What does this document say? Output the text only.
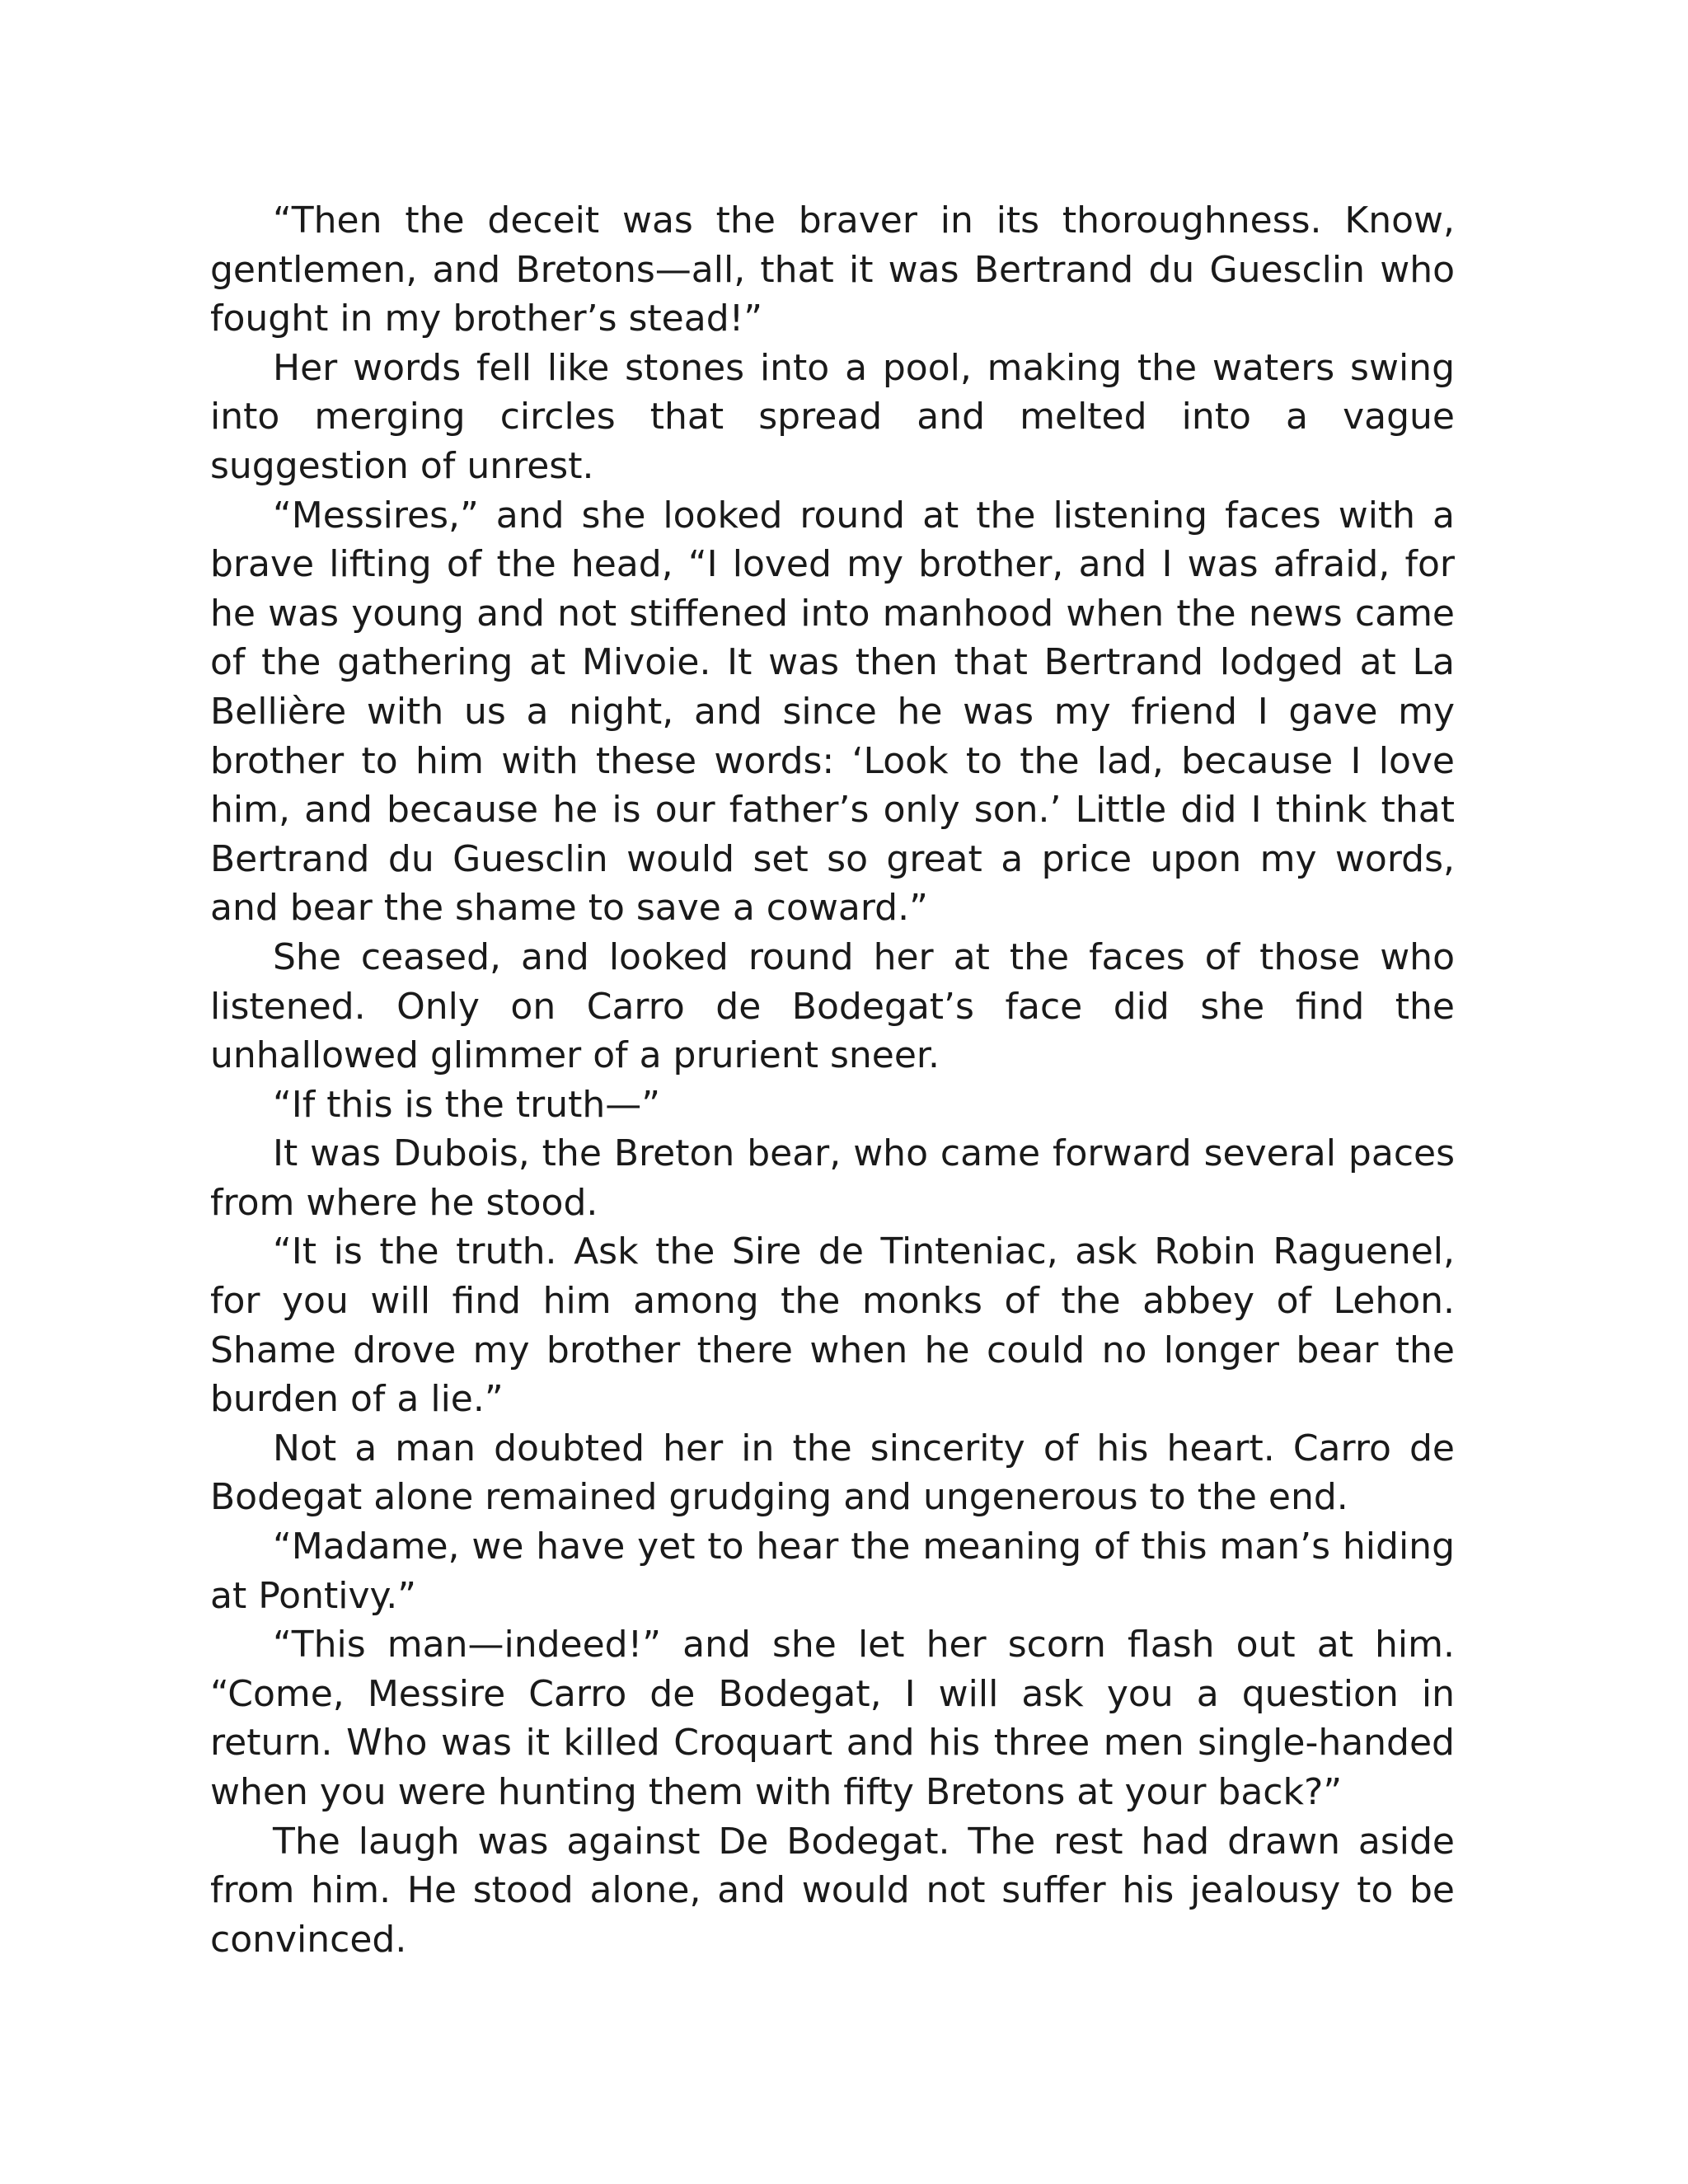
“Then the deceit was the braver in its thoroughness. Know, gentlemen, and Bretons—all, that it was Bertrand du Guesclin who fought in my brother’s stead!”

Her words fell like stones into a pool, making the waters swing into merging circles that spread and melted into a vague suggestion of unrest.

“Messires,” and she looked round at the listening faces with a brave lifting of the head, “I loved my brother, and I was afraid, for he was young and not stiffened into manhood when the news came of the gathering at Mivoie. It was then that Bertrand lodged at La Bellière with us a night, and since he was my friend I gave my brother to him with these words: ‘Look to the lad, because I love him, and because he is our father’s only son.’ Little did I think that Bertrand du Guesclin would set so great a price upon my words, and bear the shame to save a coward.”

She ceased, and looked round her at the faces of those who listened. Only on Carro de Bodegat’s face did she find the unhallowed glimmer of a prurient sneer.

“If this is the truth—”

It was Dubois, the Breton bear, who came forward several paces from where he stood.

“It is the truth. Ask the Sire de Tinteniac, ask Robin Raguenel, for you will find him among the monks of the abbey of Lehon. Shame drove my brother there when he could no longer bear the burden of a lie.”

Not a man doubted her in the sincerity of his heart. Carro de Bodegat alone remained grudging and ungenerous to the end.

“Madame, we have yet to hear the meaning of this man’s hiding at Pontivy.”

“This man—indeed!” and she let her scorn flash out at him. “Come, Messire Carro de Bodegat, I will ask you a question in return. Who was it killed Croquart and his three men single-handed when you were hunting them with fifty Bretons at your back?”

The laugh was against De Bodegat. The rest had drawn aside from him. He stood alone, and would not suffer his jealousy to be convinced.
